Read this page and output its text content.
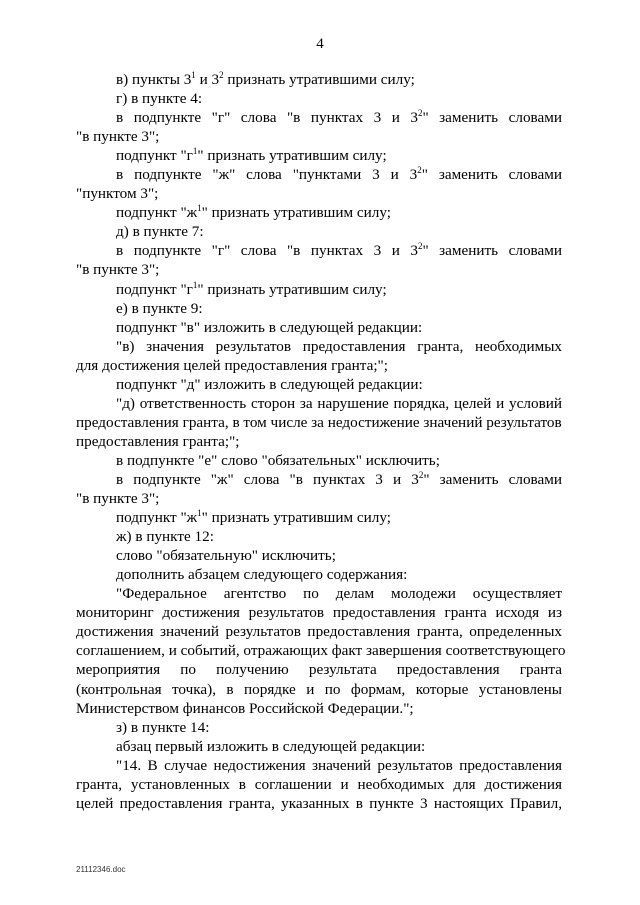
4
в) пункты $3^1$ и $3^2$ признать утратившими силу;
г) в пункте 4:
в подпункте "г" слова "в пунктах 3 и $3^2$" заменить словами
"в пункте 3";
подпункт "$г^1$" признать утратившим силу;
в подпункте "ж" слова "пунктами 3 и $3^2$" заменить словами
"пунктом 3";
подпункт "$ж^1$" признать утратившим силу;
д) в пункте 7:
в подпункте "г" слова "в пунктах 3 и $3^2$" заменить словами
"в пункте 3";
подпункт "$г^1$" признать утратившим силу;
е) в пункте 9:
подпункт "в" изложить в следующей редакции:
"в) значения результатов предоставления гранта, необходимых
для достижения целей предоставления гранта;";
подпункт "д" изложить в следующей редакции:
"д) ответственность сторон за нарушение порядка, целей и условий
предоставления гранта, в том числе за недостижение значений результатов
предоставления гранта;";
в подпункте "е" слово "обязательных" исключить;
в подпункте "ж" слова "в пунктах 3 и $3^2$" заменить словами
"в пункте 3";
подпункт "$ж^1$" признать утратившим силу;
ж) в пункте 12:
слово "обязательную" исключить;
дополнить абзацем следующего содержания:
"Федеральное агентство по делам молодежи осуществляет
мониторинг достижения результатов предоставления гранта исходя из
достижения значений результатов предоставления гранта, определенных
соглашением, и событий, отражающих факт завершения соответствующего
мероприятия по получению результата предоставления гранта
(контрольная точка), в порядке и по формам, которые установлены
Министерством финансов Российской Федерации.";
з) в пункте 14:
абзац первый изложить в следующей редакции:
"14. В случае недостижения значений результатов предоставления
гранта, установленных в соглашении и необходимых для достижения
целей предоставления гранта, указанных в пункте 3 настоящих Правил,
21112346.doc
